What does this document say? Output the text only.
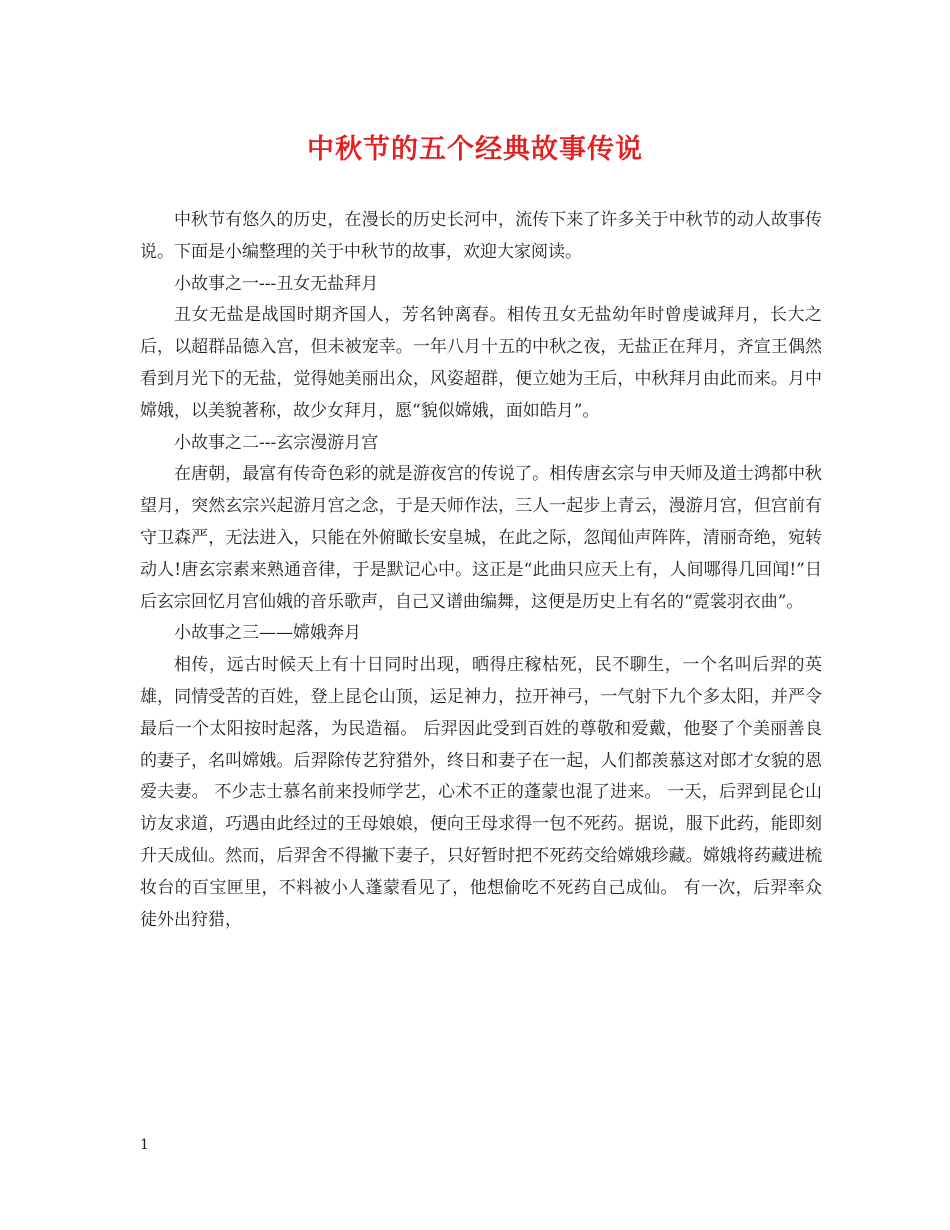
中秋节的五个经典故事传说

中秋节有悠久的历史，在漫长的历史长河中，流传下来了许多关于中秋节的动人故事传说。下面是小编整理的关于中秋节的故事，欢迎大家阅读。

小故事之一---丑女无盐拜月

丑女无盐是战国时期齐国人，芳名钟离春。相传丑女无盐幼年时曾虔诚拜月，长大之后，以超群品德入宫，但未被宠幸。一年八月十五的中秋之夜，无盐正在拜月，齐宣王偶然看到月光下的无盐，觉得她美丽出众，风姿超群，便立她为王后，中秋拜月由此而来。月中嫦娥，以美貌著称，故少女拜月，愿“貌似嫦娥，面如皓月”。

小故事之二---玄宗漫游月宫

在唐朝，最富有传奇色彩的就是游夜宫的传说了。相传唐玄宗与申天师及道士鸿都中秋望月，突然玄宗兴起游月宫之念，于是天师作法，三人一起步上青云，漫游月宫，但宫前有守卫森严，无法进入，只能在外俯瞰长安皇城，在此之际，忽闻仙声阵阵，清丽奇绝，宛转动人!唐玄宗素来熟通音律，于是默记心中。这正是“此曲只应天上有，人间哪得几回闻!”日后玄宗回忆月宫仙娥的音乐歌声，自己又谱曲编舞，这便是历史上有名的“霓裳羽衣曲”。

小故事之三——嫦娥奔月

相传，远古时候天上有十日同时出现，晒得庄稼枯死，民不聊生，一个名叫后羿的英雄，同情受苦的百姓，登上昆仑山顶，运足神力，拉开神弓，一气射下九个多太阳，并严令最后一个太阳按时起落，为民造福。 后羿因此受到百姓的尊敬和爱戴，他娶了个美丽善良的妻子，名叫嫦娥。后羿除传艺狩猎外，终日和妻子在一起，人们都羡慕这对郎才女貌的恩爱夫妻。 不少志士慕名前来投师学艺，心术不正的蓬蒙也混了进来。 一天，后羿到昆仑山访友求道，巧遇由此经过的王母娘娘，便向王母求得一包不死药。据说，服下此药，能即刻升天成仙。然而，后羿舍不得撇下妻子，只好暂时把不死药交给嫦娥珍藏。嫦娥将药藏进梳妆台的百宝匣里，不料被小人蓬蒙看见了，他想偷吃不死药自己成仙。 有一次，后羿率众徒外出狩猎，

1
